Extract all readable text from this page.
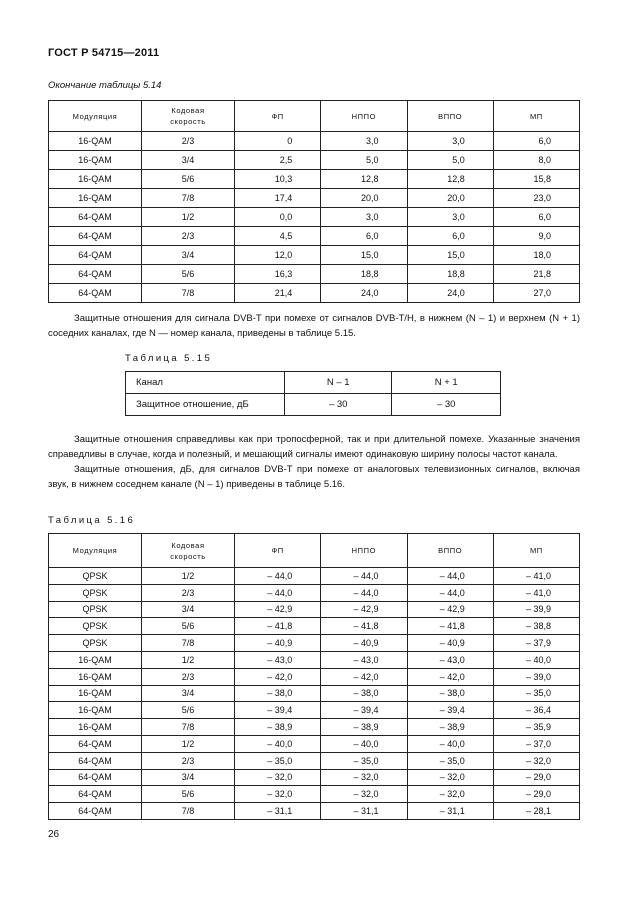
ГОСТ Р 54715—2011
Окончание таблицы 5.14
Модуляция	Кодовая скорость	ФП	НППО	ВППО	МП
16-QAM	2/3	0	3,0	3,0	6,0
16-QAM	3/4	2,5	5,0	5,0	8,0
16-QAM	5/6	10,3	12,8	12,8	15,8
16-QAM	7/8	17,4	20,0	20,0	23,0
64-QAM	1/2	0,0	3,0	3,0	6,0
64-QAM	2/3	4,5	6,0	6,0	9,0
64-QAM	3/4	12,0	15,0	15,0	18,0
64-QAM	5/6	16,3	18,8	18,8	21,8
64-QAM	7/8	21,4	24,0	24,0	27,0

Защитные отношения для сигнала DVB-T при помехе от сигналов DVB-T/H, в нижнем (N – 1) и верхнем (N + 1) соседних каналах, где N — номер канала, приведены в таблице 5.15.

Таблица 5.15
Канал	N – 1	N + 1
Защитное отношение, дБ	– 30	– 30

Защитные отношения справедливы как при тропосферной, так и при длительной помехе. Указанные значения справедливы в случае, когда и полезный, и мешающий сигналы имеют одинаковую ширину полосы частот канала.

Защитные отношения, дБ, для сигналов DVB-T при помехе от аналоговых телевизионных сигналов, включая звук, в нижнем соседнем канале (N – 1) приведены в таблице 5.16.

Таблица 5.16
Модуляция	Кодовая скорость	ФП	НППО	ВППО	МП
QPSK	1/2	– 44,0	– 44,0	– 44,0	– 41,0
QPSK	2/3	– 44,0	– 44,0	– 44,0	– 41,0
QPSK	3/4	– 42,9	– 42,9	– 42,9	– 39,9
QPSK	5/6	– 41,8	– 41,8	– 41,8	– 38,8
QPSK	7/8	– 40,9	– 40,9	– 40,9	– 37,9
16-QAM	1/2	– 43,0	– 43,0	– 43,0	– 40,0
16-QAM	2/3	– 42,0	– 42,0	– 42,0	– 39,0
16-QAM	3/4	– 38,0	– 38,0	– 38,0	– 35,0
16-QAM	5/6	– 39,4	– 39,4	– 39,4	– 36,4
16-QAM	7/8	– 38,9	– 38,9	– 38,9	– 35,9
64-QAM	1/2	– 40,0	– 40,0	– 40,0	– 37,0
64-QAM	2/3	– 35,0	– 35,0	– 35,0	– 32,0
64-QAM	3/4	– 32,0	– 32,0	– 32,0	– 29,0
64-QAM	5/6	– 32,0	– 32,0	– 32,0	– 29,0
64-QAM	7/8	– 31,1	– 31,1	– 31,1	– 28,1
26
